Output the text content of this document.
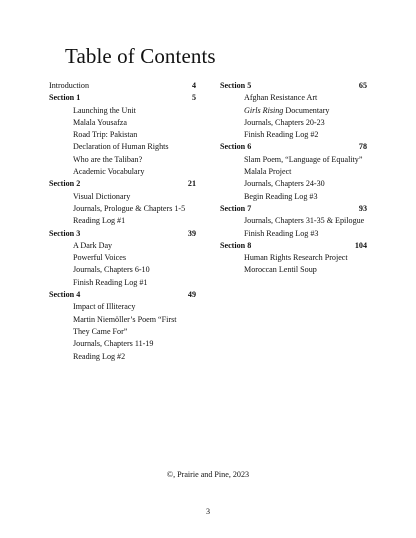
Table of Contents
Introduction	4
Section 1	5
Launching the Unit
Malala Yousafza
Road Trip: Pakistan
Declaration of Human Rights
Who are the Taliban?
Academic Vocabulary
Section 2	21
Visual Dictionary
Journals, Prologue & Chapters 1-5
Reading Log #1
Section 3	39
A Dark Day
Powerful Voices
Journals, Chapters 6-10
Finish Reading Log #1
Section 4	49
Impact of Illiteracy
Martin Niemöller’s Poem “First
They Came For”
Journals, Chapters 11-19
Reading Log #2
Section 5	65
Afghan Resistance Art
Girls Rising Documentary
Journals, Chapters 20-23
Finish Reading Log #2
Section 6	78
Slam Poem, “Language of Equality”
Malala Project
Journals, Chapters 24-30
Begin Reading Log #3
Section 7	93
Journals, Chapters 31-35 & Epilogue
Finish Reading Log #3
Section 8	104
Human Rights Research Project
Moroccan Lentil Soup
©, Prairie and Pine, 2023
3
